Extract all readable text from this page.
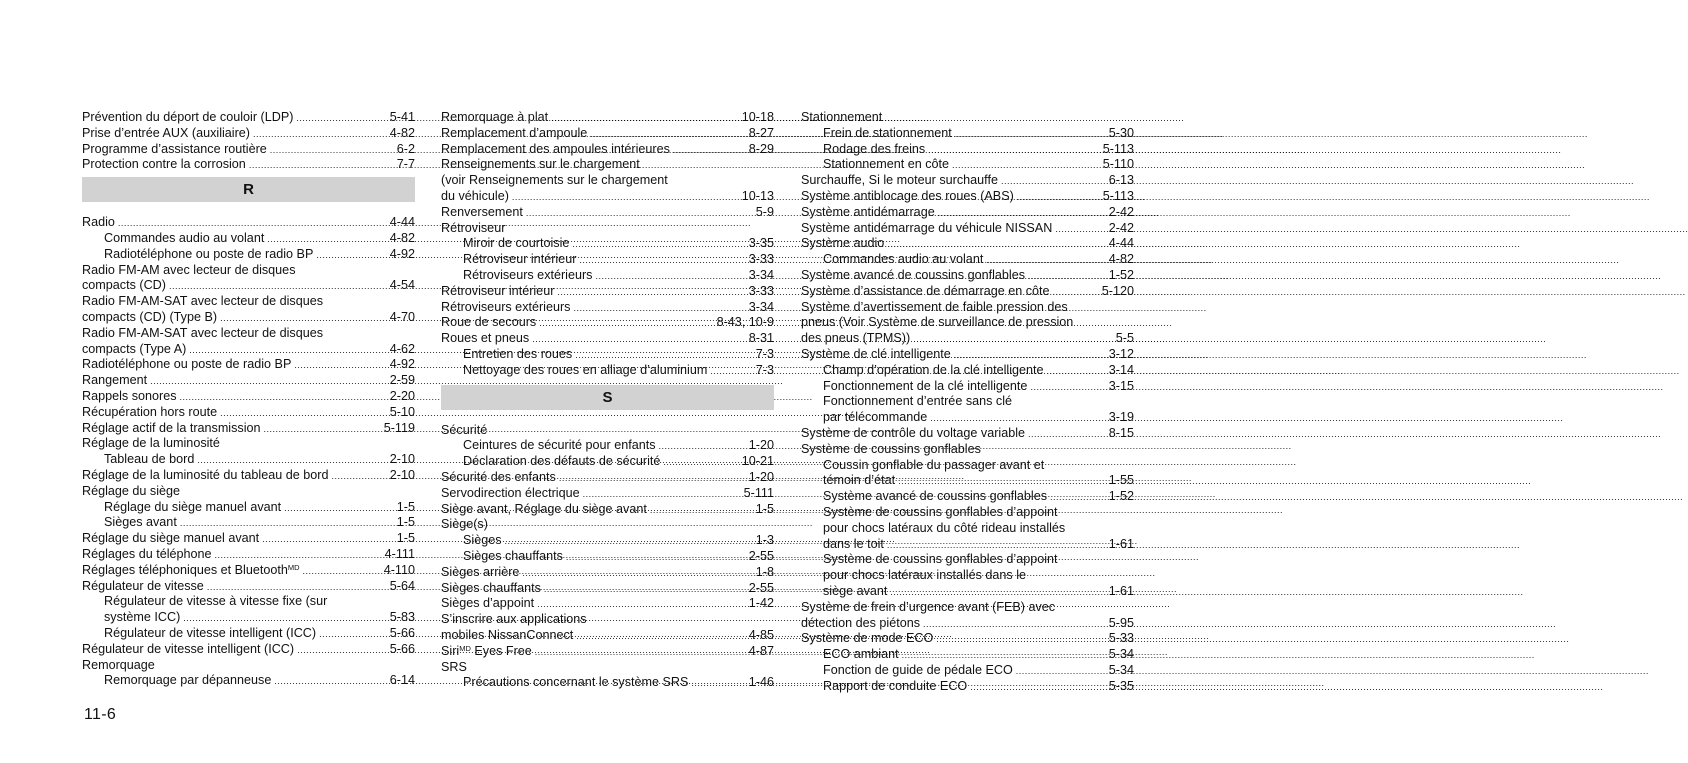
Prévention du déport de couloir (LDP) .....	5-41
Prise d’entrée AUX (auxiliaire) .....	4-82
Programme d’assistance routière .....	6-2
Protection contre la corrosion .....	7-7
R
Radio .....	4-44
Commandes audio au volant .....	4-82
Radiotéléphone ou poste de radio BP .....	4-92
Radio FM-AM avec lecteur de disques
compacts (CD) .....	4-54
Radio FM-AM-SAT avec lecteur de disques
compacts (CD) (Type B) .....	4-70
Radio FM-AM-SAT avec lecteur de disques
compacts (Type A) .....	4-62
Radiotéléphone ou poste de radio BP .....	4-92
Rangement .....	2-59
Rappels sonores .....	2-20
Récupération hors route .....	5-10
Réglage actif de la transmission .....	5-119
Réglage de la luminosité
Tableau de bord .....	2-10
Réglage de la luminosité du tableau de bord .....	2-10
Réglage du siège
Réglage du siège manuel avant .....	1-5
Sièges avant .....	1-5
Réglage du siège manuel avant .....	1-5
Réglages du téléphone .....	4-111
Réglages téléphoniques et Bluetooth$^{MD}$ .....	4-110
Régulateur de vitesse .....	5-64
Régulateur de vitesse à vitesse fixe (sur
système ICC) .....	5-83
Régulateur de vitesse intelligent (ICC) .....	5-66
Régulateur de vitesse intelligent (ICC) .....	5-66
Remorquage
Remorquage par dépanneuse .....	6-14
Remorquage à plat .....	10-18
Remplacement d’ampoule .....	8-27
Remplacement des ampoules intérieures .....	8-29
Renseignements sur le chargement
(voir Renseignements sur le chargement
du véhicule) .....	10-13
Renversement .....	5-9
Rétroviseur
Miroir de courtoisie .....	3-35
Rétroviseur intérieur .....	3-33
Rétroviseurs extérieurs .....	3-34
Rétroviseur intérieur .....	3-33
Rétroviseurs extérieurs .....	3-34
Roue de secours .....	8-43, 10-9
Roues et pneus .....	8-31
Entretien des roues .....	7-3
Nettoyage des roues en alliage d’aluminium .....	7-3
S
Sécurité
Ceintures de sécurité pour enfants .....	1-20
Déclaration des défauts de sécurité .....	10-21
Sécurité des enfants .....	1-20
Servodirection électrique .....	5-111
Siège avant, Réglage du siège avant .....	1-5
Siège(s)
Sièges .....	1-3
Sièges chauffants .....	2-55
Sièges arrière .....	1-8
Sièges chauffants .....	2-55
Sièges d’appoint .....	1-42
S’inscrire aux applications
mobiles NissanConnect .....	4-85
Siri$^{MD}$ Eyes Free .....	4-87
SRS
Précautions concernant le système SRS .....	1-46
Stationnement
Frein de stationnement .....	5-30
Rodage des freins .....	5-113
Stationnement en côte .....	5-110
Surchauffe, Si le moteur surchauffe .....	6-13
Système antiblocage des roues (ABS) .....	5-113
Système antidémarrage .....	2-42
Système antidémarrage du véhicule NISSAN .....	2-42
Système audio .....	4-44
Commandes audio au volant .....	4-82
Système avancé de coussins gonflables .....	1-52
Système d’assistance de démarrage en côte .....	5-120
Système d’avertissement de faible pression des
pneus (Voir Système de surveillance de pression
des pneus (TPMS)) .....	5-5
Système de clé intelligente .....	3-12
Champ d’opération de la clé intelligente .....	3-14
Fonctionnement de la clé intelligente .....	3-15
Fonctionnement d’entrée sans clé
par télécommande .....	3-19
Système de contrôle du voltage variable .....	8-15
Système de coussins gonflables
Coussin gonflable du passager avant et
témoin d’état .....	1-55
Système avancé de coussins gonflables .....	1-52
Système de coussins gonflables d’appoint
pour chocs latéraux du côté rideau installés
dans le toit .....	1-61
Système de coussins gonflables d’appoint
pour chocs latéraux installés dans le
siège avant .....	1-61
Système de frein d’urgence avant (FEB) avec
détection des piétons .....	5-95
Système de mode ECO .....	5-33
ECO ambiant .....	5-34
Fonction de guide de pédale ECO .....	5-34
Rapport de conduite ECO .....	5-35
11-6
